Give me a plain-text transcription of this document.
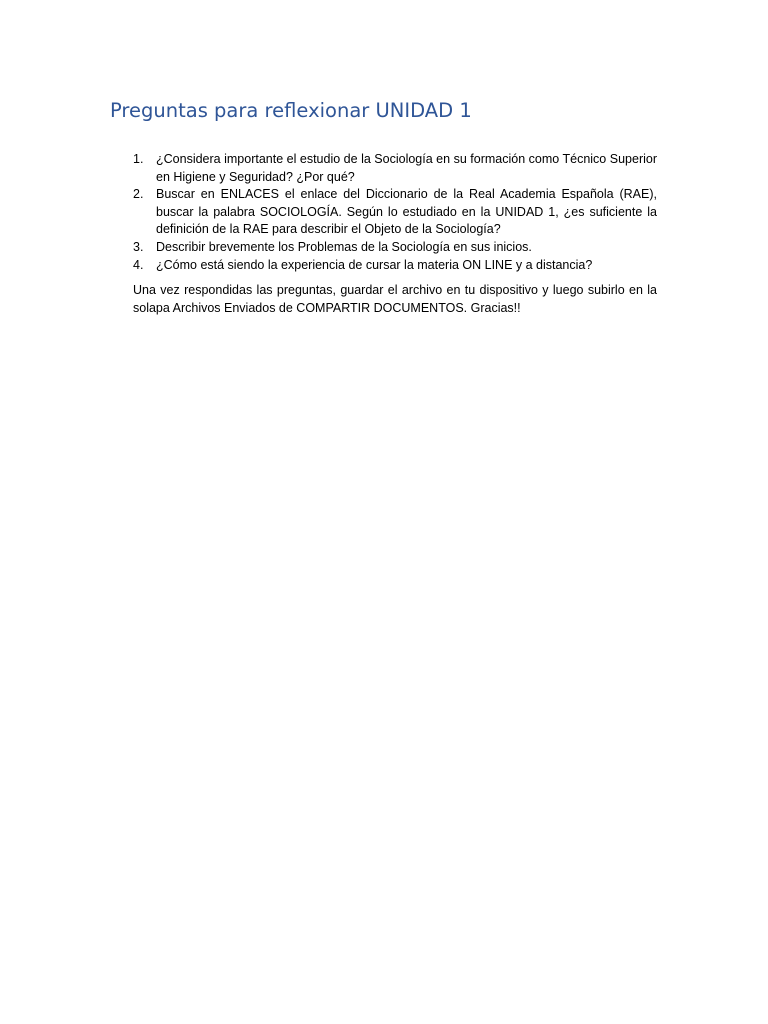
Preguntas para reflexionar UNIDAD 1
1. ¿Considera importante el estudio de la Sociología en su formación como Técnico Superior en Higiene y Seguridad? ¿Por qué?
2. Buscar en ENLACES el enlace del Diccionario de la Real Academia Española (RAE), buscar la palabra SOCIOLOGÍA. Según lo estudiado en la UNIDAD 1, ¿es suficiente la definición de la RAE para describir el Objeto de la Sociología?
3. Describir brevemente los Problemas de la Sociología en sus inicios.
4. ¿Cómo está siendo la experiencia de cursar la materia ON LINE y a distancia?

Una vez respondidas las preguntas, guardar el archivo en tu dispositivo y luego subirlo en la solapa Archivos Enviados de COMPARTIR DOCUMENTOS. Gracias!!
